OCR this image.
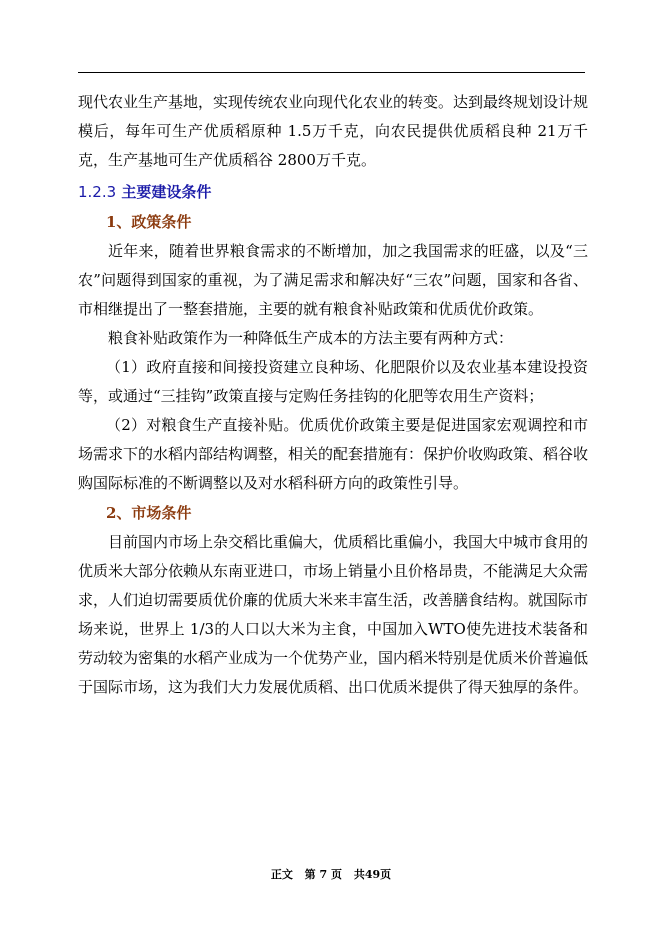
现代农业生产基地，实现传统农业向现代化农业的转变。达到最终规划设计规模后，每年可生产优质稻原种 1.5万千克，向农民提供优质稻良种 21万千克，生产基地可生产优质稻谷 2800万千克。

1.2.3 主要建设条件
1、政策条件

近年来，随着世界粮食需求的不断增加，加之我国需求的旺盛，以及“三农”问题得到国家的重视，为了满足需求和解决好“三农”问题，国家和各省、市相继提出了一整套措施，主要的就有粮食补贴政策和优质优价政策。

粮食补贴政策作为一种降低生产成本的方法主要有两种方式：

（1）政府直接和间接投资建立良种场、化肥限价以及农业基本建设投资等，或通过“三挂钩”政策直接与定购任务挂钩的化肥等农用生产资料；

（2）对粮食生产直接补贴。优质优价政策主要是促进国家宏观调控和市场需求下的水稻内部结构调整，相关的配套措施有：保护价收购政策、稻谷收购国际标准的不断调整以及对水稻科研方向的政策性引导。

2、市场条件

目前国内市场上杂交稻比重偏大，优质稻比重偏小，我国大中城市食用的优质米大部分依赖从东南亚进口，市场上销量小且价格昂贵，不能满足大众需求，人们迫切需要质优价廉的优质大米来丰富生活，改善膳食结构。就国际市场来说，世界上 1/3的人口以大米为主食，中国加入WTO使先进技术装备和劳动较为密集的水稻产业成为一个优势产业，国内稻米特别是优质米价普遍低于国际市场，这为我们大力发展优质稻、出口优质米提供了得天独厚的条件。

正文 第 7 页 共49页
